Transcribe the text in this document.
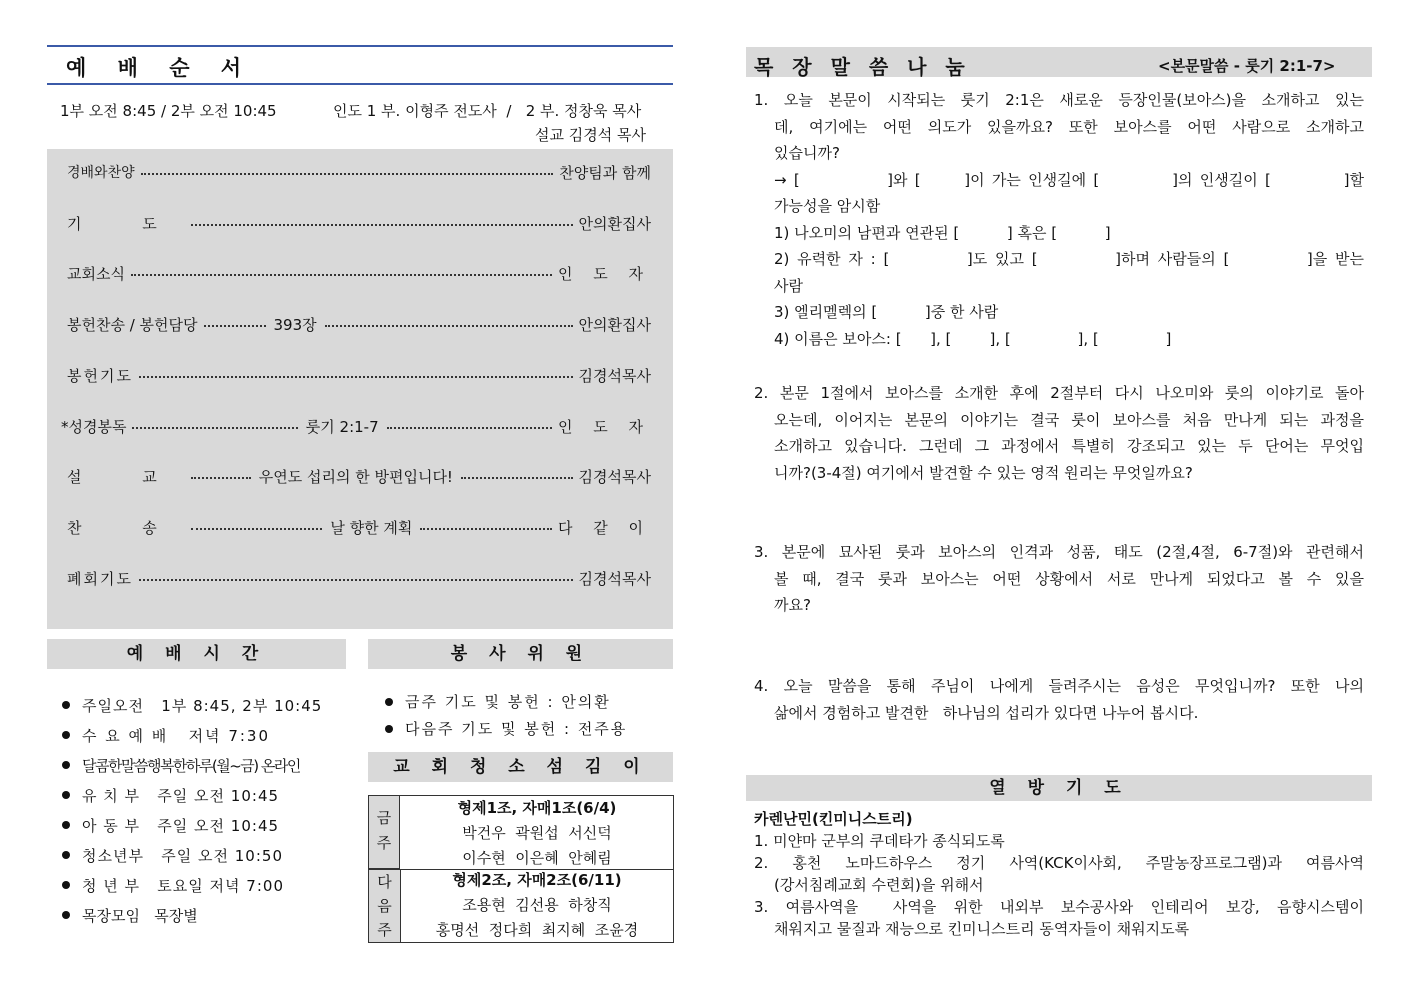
예 배 순 서
1부 오전 8:45 / 2부 오전 10:45	인도 1 부. 이형주 전도사  /   2 부. 정창욱 목사
설교 김경석 목사
경배와찬양	찬양팀과 함께
기 도	안의환집사
교회소식	인 도 자
봉헌찬송 / 봉헌담당	393장	안의환집사
봉헌기도	김경석목사
*성경봉독	룻기 2:1-7	인 도 자
설 교	우연도 섭리의 한 방편입니다!	김경석목사
찬 송	날 향한 계획	다 같 이
폐회기도	김경석목사
예 배 시 간
주일오전   1부 8:45, 2부 10:45
수 요 예 배   저녁 7:30
달콤한말씀행복한하루(월~금) 온라인
유 치 부   주일 오전 10:45
아 동 부   주일 오전 10:45
청소년부   주일 오전 10:50
청 년 부   토요일 저녁 7:00
목장모임   목장별
봉 사 위 원
금주 기도 및 봉헌 : 안의환
다음주 기도 및 봉헌 : 전주용
교 회 청 소 섬 김 이
금
주
형제1조, 자매1조(6/4)
박건우  곽원섭  서신덕
이수현  이은혜  안혜림
다
음
주
형제2조, 자매2조(6/11)
조용현  김선용  하창직
홍명선  정다희  최지혜  조윤경
목 장 말 씀 나 눔	<본문말씀 - 룻기 2:1-7>
1. 오늘 본문이 시작되는 룻기 2:1은 새로운 등장인물(보아스)을 소개하고 있는
데, 여기에는 어떤 의도가 있을까요? 또한 보아스를 어떤 사람으로 소개하고
있습니까?
→ [            ]와 [      ]이 가는 인생길에 [          ]의 인생길이 [          ]할
가능성을 암시함
1) 나오미의 남편과 연관된 [          ] 혹은 [          ]
2) 유력한 자 : [          ]도 있고 [          ]하며 사람들의 [          ]을 받는
사람
3) 엘리멜렉의 [          ]중 한 사람
4) 이름은 보아스: [      ], [        ], [              ], [              ]
2. 본문 1절에서 보아스를 소개한 후에 2절부터 다시 나오미와 룻의 이야기로 돌아
오는데, 이어지는 본문의 이야기는 결국 룻이 보아스를 처음 만나게 되는 과정을
소개하고 있습니다. 그런데 그 과정에서 특별히 강조되고 있는 두 단어는 무엇입
니까?(3-4절) 여기에서 발견할 수 있는 영적 원리는 무엇일까요?
3. 본문에 묘사된 룻과 보아스의 인격과 성품, 태도 (2절,4절, 6-7절)와 관련해서
볼 때, 결국 룻과 보아스는 어떤 상황에서 서로 만나게 되었다고 볼 수 있을
까요?
4. 오늘 말씀을 통해 주님이 나에게 들려주시는 음성은 무엇입니까? 또한 나의
삶에서 경험하고 발견한   하나님의 섭리가 있다면 나누어 봅시다.
열 방 기 도
카렌난민(킨미니스트리)
1. 미얀마 군부의 쿠데타가 종식되도록
2. 홍천 노마드하우스 정기 사역(KCK이사회, 주말농장프로그램)과 여름사역
(강서침례교회 수련회)을 위해서
3. 여름사역을  사역을 위한 내외부 보수공사와 인테리어 보강, 음향시스템이
채워지고 물질과 재능으로 킨미니스트리 동역자들이 채워지도록
